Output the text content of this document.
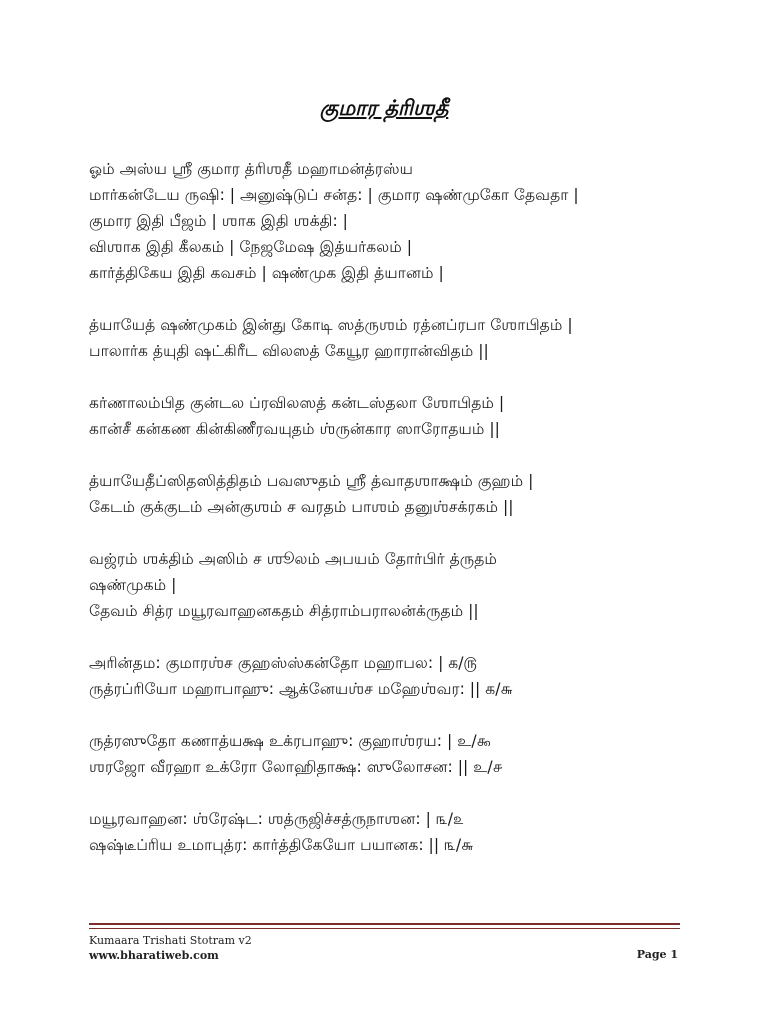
குமார த்ரிஶதீ
ஓம் அஸ்ய ஶ்ரீ குமார த்ரிஶதீ மஹாமன்த்ரஸ்ய
மார்கன்டேய ருஷி: | அனுஷ்டுப் சன்த: | குமார ஷண்முகோ தேவதா |
குமார இதி பீஜம் | ஶாக இதி ஶக்தி: |
விஶாக இதி கீலகம் | நேஜமேஷ இத்யர்கலம் |
கார்த்திகேய இதி கவசம் | ஷண்முக இதி த்யானம் |
த்யாயேத் ஷண்முகம் இன்து கோடி ஸத்ருஶம் ரத்னப்ரபா ஶோபிதம் |
பாலார்க த்யுதி ஷட்கிரீட விலஸத் கேயூர ஹாரான்விதம் ||
கர்ணாலம்பித குன்டல ப்ரவிலஸத் கன்டஸ்தலா ஶோபிதம் |
கான்சீ கன்கண கின்கிணீரவயுதம் ஶ்ருன்கார ஸாரோதயம் ||
த்யாயேதீப்ஸிதஸித்திதம் பவஸுதம் ஶ்ரீ த்வாதஶாக்ஷம் குஹம் |
கேடம் குக்குடம் அன்குஶம் ச வரதம் பாஶம் தனுஶ்சக்ரகம் ||
வஜ்ரம் ஶக்திம் அஸிம் ச ஶூலம் அபயம் தோர்பிர் த்ருதம்
ஷண்முகம் |
தேவம் சித்ர மயூரவாஹனகதம் சித்ராம்பராலன்க்ருதம் ||
அரின்தம: குமாரஶ்ச குஹஸ்ஸ்கன்தோ மஹாபல: | க/௫
ருத்ரப்ரியோ மஹாபாஹு: ஆக்னேயஶ்ச மஹேஶ்வர: || க/௬
ருத்ரஸுதோ கணாத்யக்ஷ உக்ரபாஹு: குஹாஶ்ரய: | உ/௯
ஶரஜோ வீரஹா உக்ரோ லோஹிதாக்ஷ: ஸுலோசன: || உ/௪
மயூரவாஹன: ஶ்ரேஷ்ட: ஶத்ருஜிச்சத்ருநாஶன: | ௩/௨
ஷஷ்டீப்ரிய உமாபுத்ர: கார்த்திகேயோ பயானக: || ௩/௬
Kumaara Trishati Stotram v2
www.bharatiweb.com	Page 1
